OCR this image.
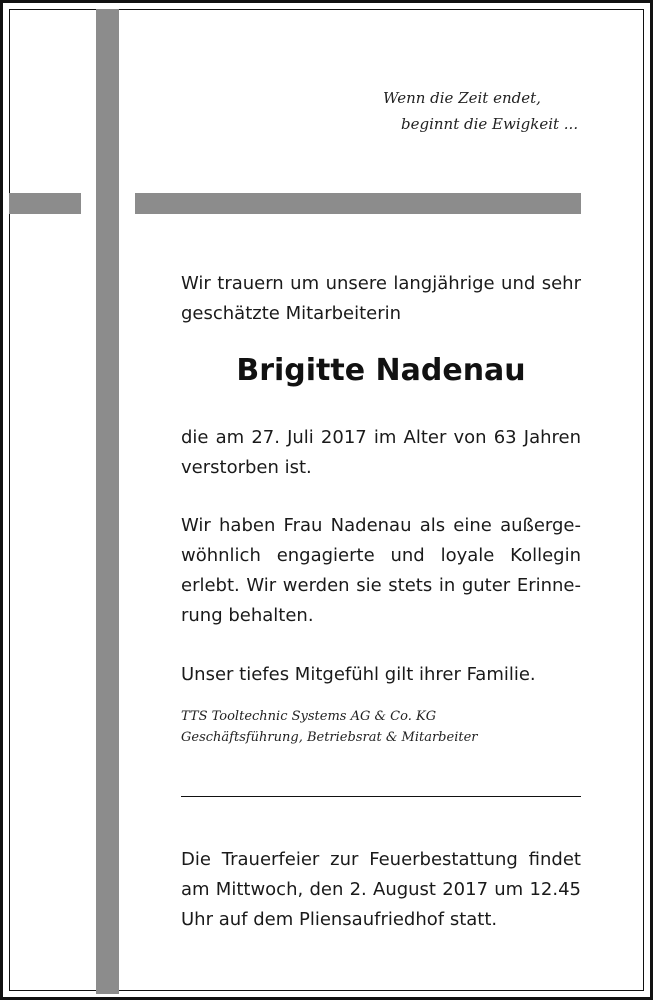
Wenn die Zeit endet,
beginnt die Ewigkeit ...
Wir trauern um unsere langjährige und sehr geschätzte Mitarbeiterin
Brigitte Nadenau
die am 27. Juli 2017 im Alter von 63 Jahren verstorben ist.
Wir haben Frau Nadenau als eine außergewöhnlich engagierte und loyale Kollegin erlebt. Wir werden sie stets in guter Erinnerung behalten.
Unser tiefes Mitgefühl gilt ihrer Familie.
TTS Tooltechnic Systems AG & Co. KG
Geschäftsführung, Betriebsrat & Mitarbeiter
Die Trauerfeier zur Feuerbestattung findet am Mittwoch, den 2. August 2017 um 12.45 Uhr auf dem Pliensaufriedhof statt.
